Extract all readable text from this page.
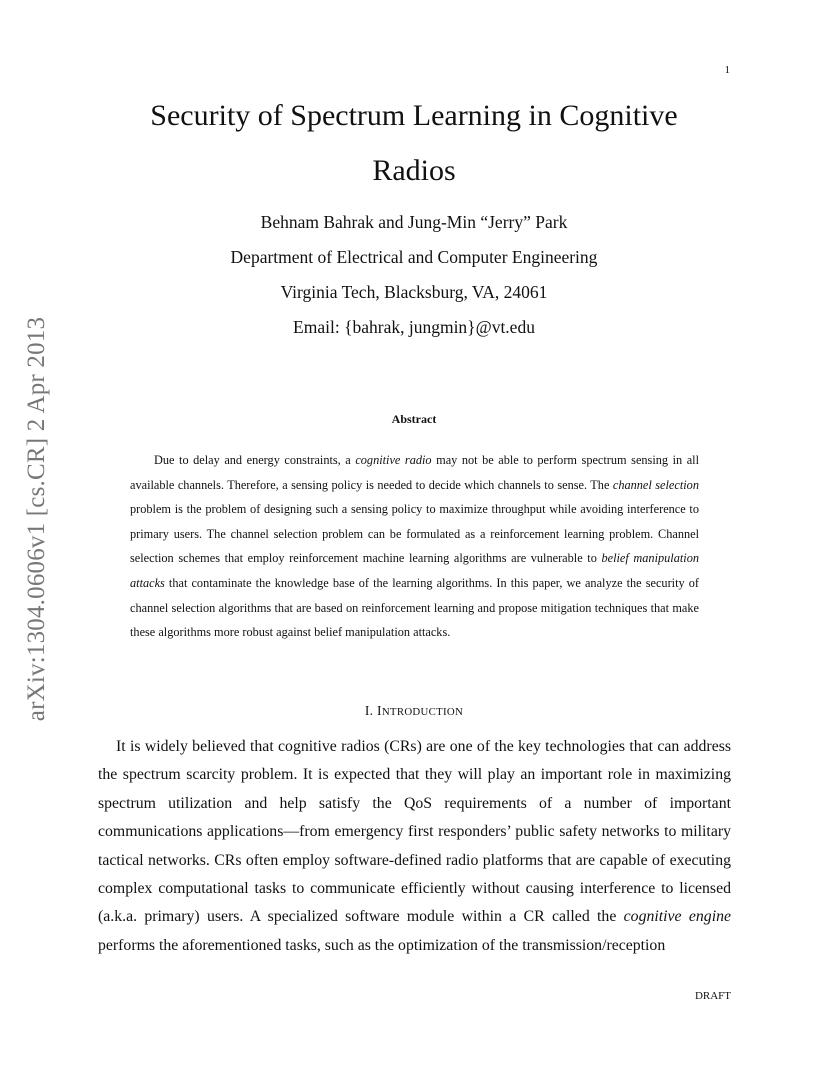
1
arXiv:1304.0606v1 [cs.CR] 2 Apr 2013
Security of Spectrum Learning in Cognitive
Radios
Behnam Bahrak and Jung-Min “Jerry” Park
Department of Electrical and Computer Engineering
Virginia Tech, Blacksburg, VA, 24061
Email: {bahrak, jungmin}@vt.edu
Abstract

Due to delay and energy constraints, a cognitive radio may not be able to perform spectrum sensing in all available channels. Therefore, a sensing policy is needed to decide which channels to sense. The channel selection problem is the problem of designing such a sensing policy to maximize throughput while avoiding interference to primary users. The channel selection problem can be formulated as a reinforcement learning problem. Channel selection schemes that employ reinforcement machine learning algorithms are vulnerable to belief manipulation attacks that contaminate the knowledge base of the learning algorithms. In this paper, we analyze the security of channel selection algorithms that are based on reinforcement learning and propose mitigation techniques that make these algorithms more robust against belief manipulation attacks.

I. INTRODUCTION

It is widely believed that cognitive radios (CRs) are one of the key technologies that can address the spectrum scarcity problem. It is expected that they will play an important role in maximizing spectrum utilization and help satisfy the QoS requirements of a number of important communications applications—from emergency first responders’ public safety networks to military tactical networks. CRs often employ software-defined radio platforms that are capable of executing complex computational tasks to communicate efficiently without causing interference to licensed (a.k.a. primary) users. A specialized software module within a CR called the cognitive engine performs the aforementioned tasks, such as the optimization of the transmission/reception

DRAFT
